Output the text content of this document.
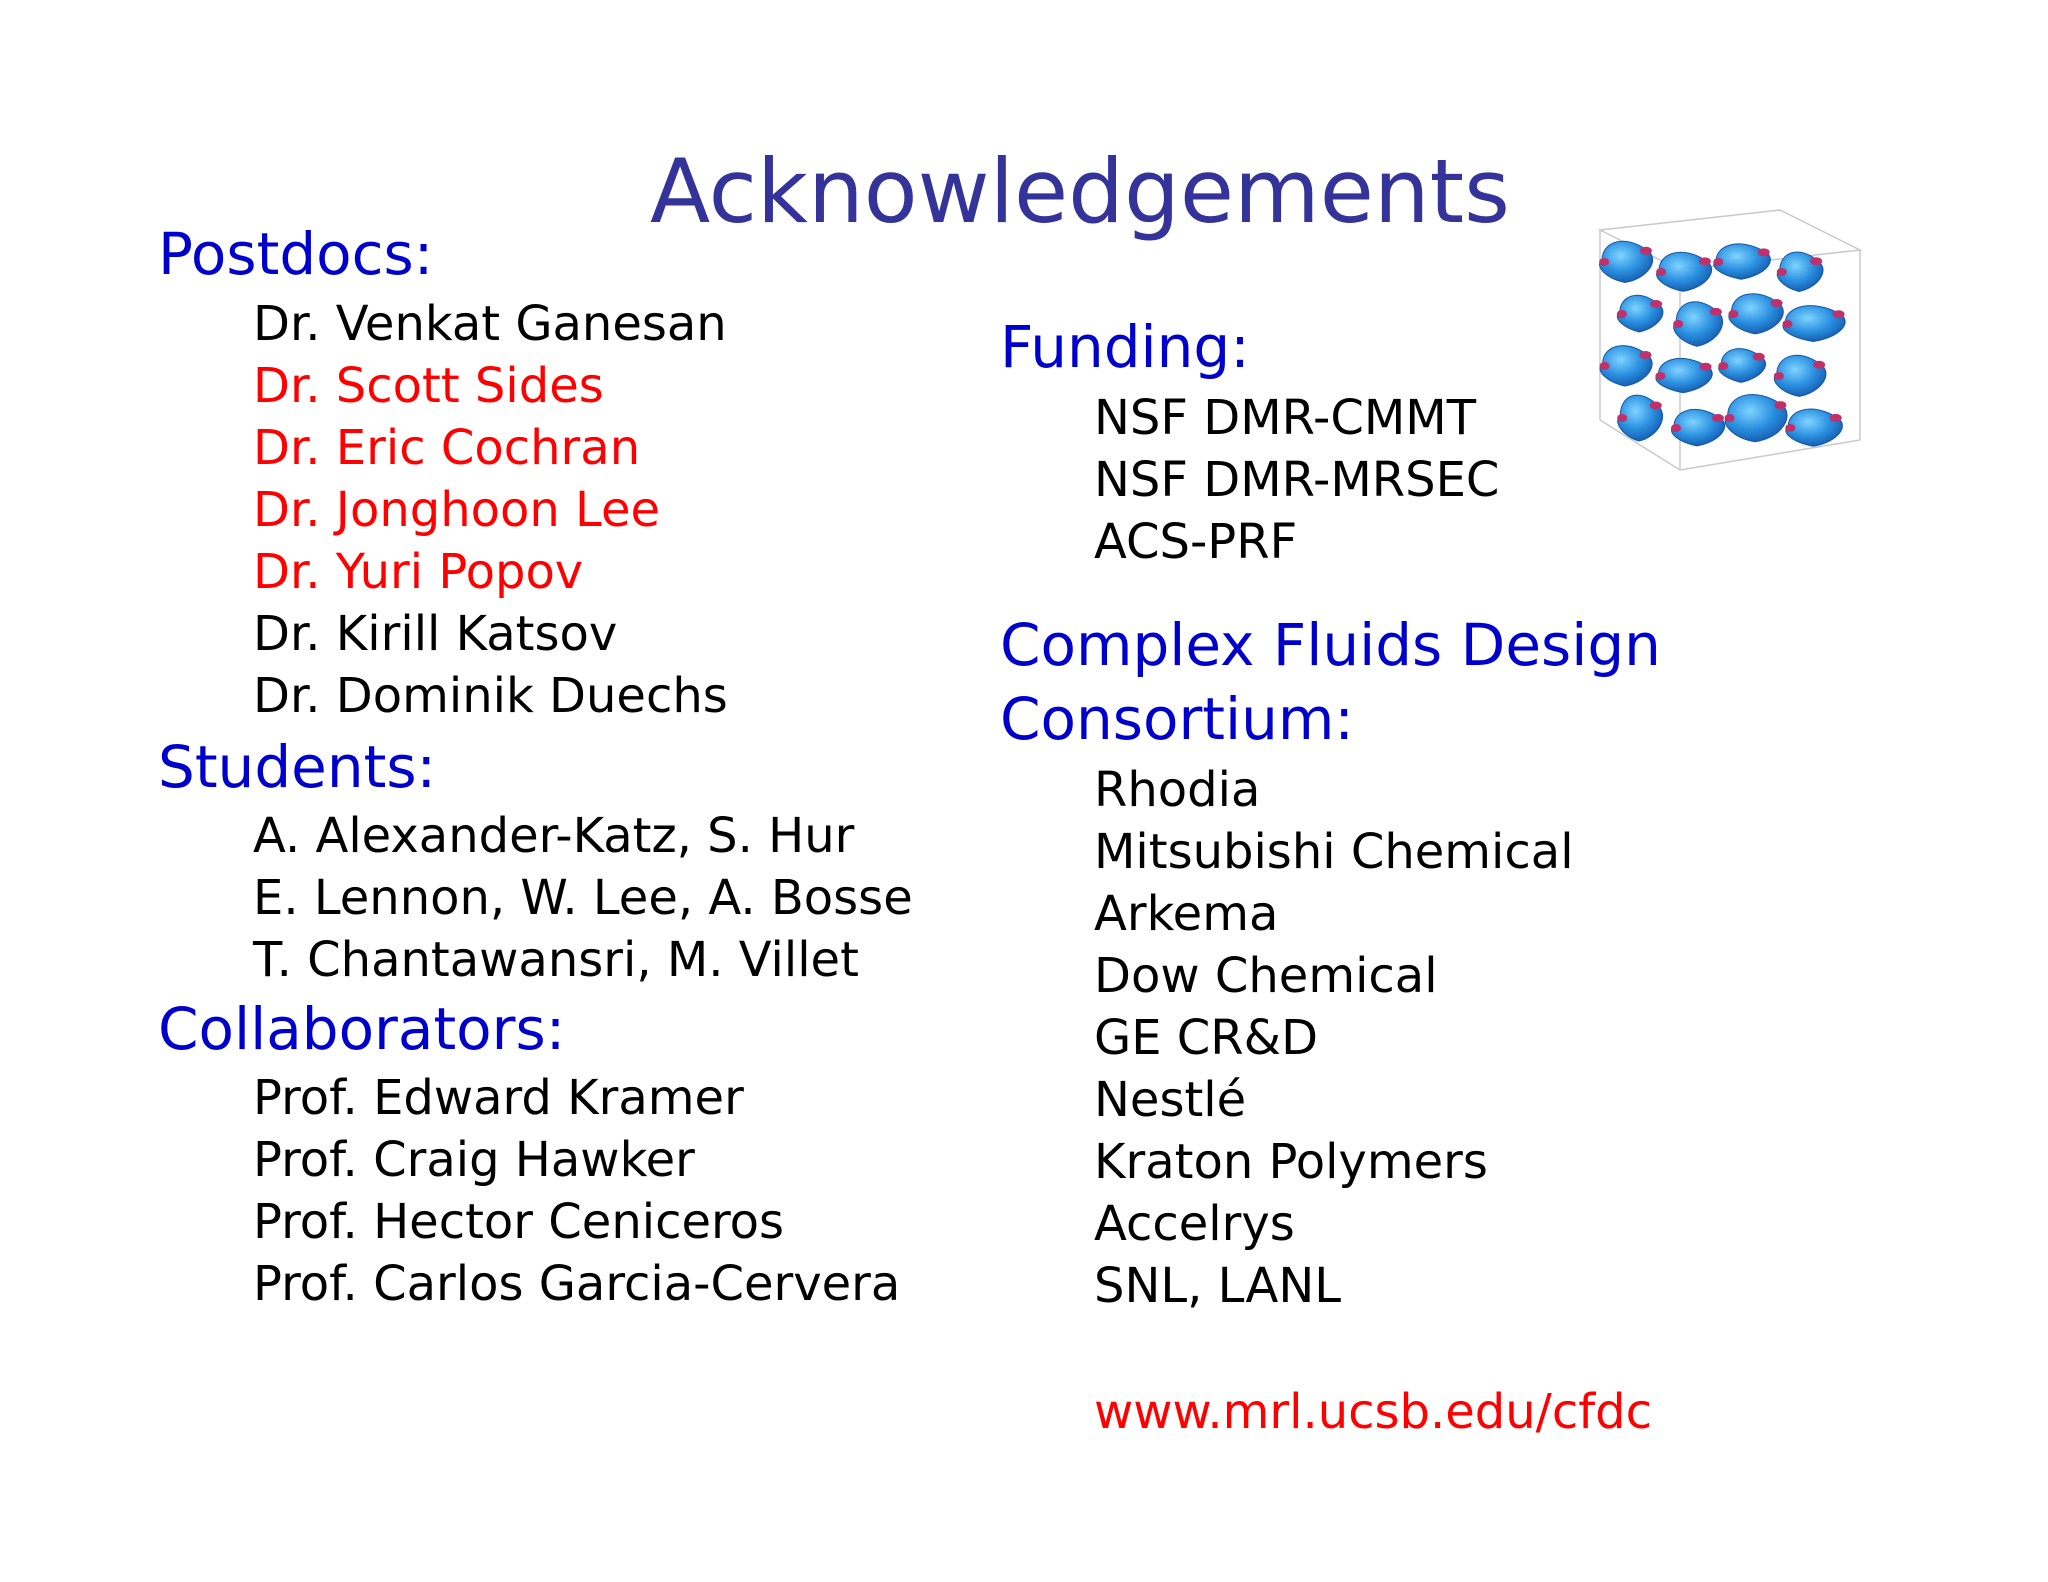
Acknowledgements
Postdocs:
Dr. Venkat Ganesan
Dr. Scott Sides
Dr. Eric Cochran
Dr. Jonghoon Lee
Dr. Yuri Popov
Dr. Kirill Katsov
Dr. Dominik Duechs
Students:
A. Alexander-Katz, S. Hur
E. Lennon, W. Lee, A. Bosse
T. Chantawansri, M. Villet
Collaborators:
Prof. Edward Kramer
Prof. Craig Hawker
Prof. Hector Ceniceros
Prof. Carlos Garcia-Cervera
Funding:
NSF DMR-CMMT
NSF DMR-MRSEC
ACS-PRF
Complex Fluids Design
Consortium:
Rhodia
Mitsubishi Chemical
Arkema
Dow Chemical
GE CR&D
Nestlé
Kraton Polymers
Accelrys
SNL, LANL
www.mrl.ucsb.edu/cfdc
